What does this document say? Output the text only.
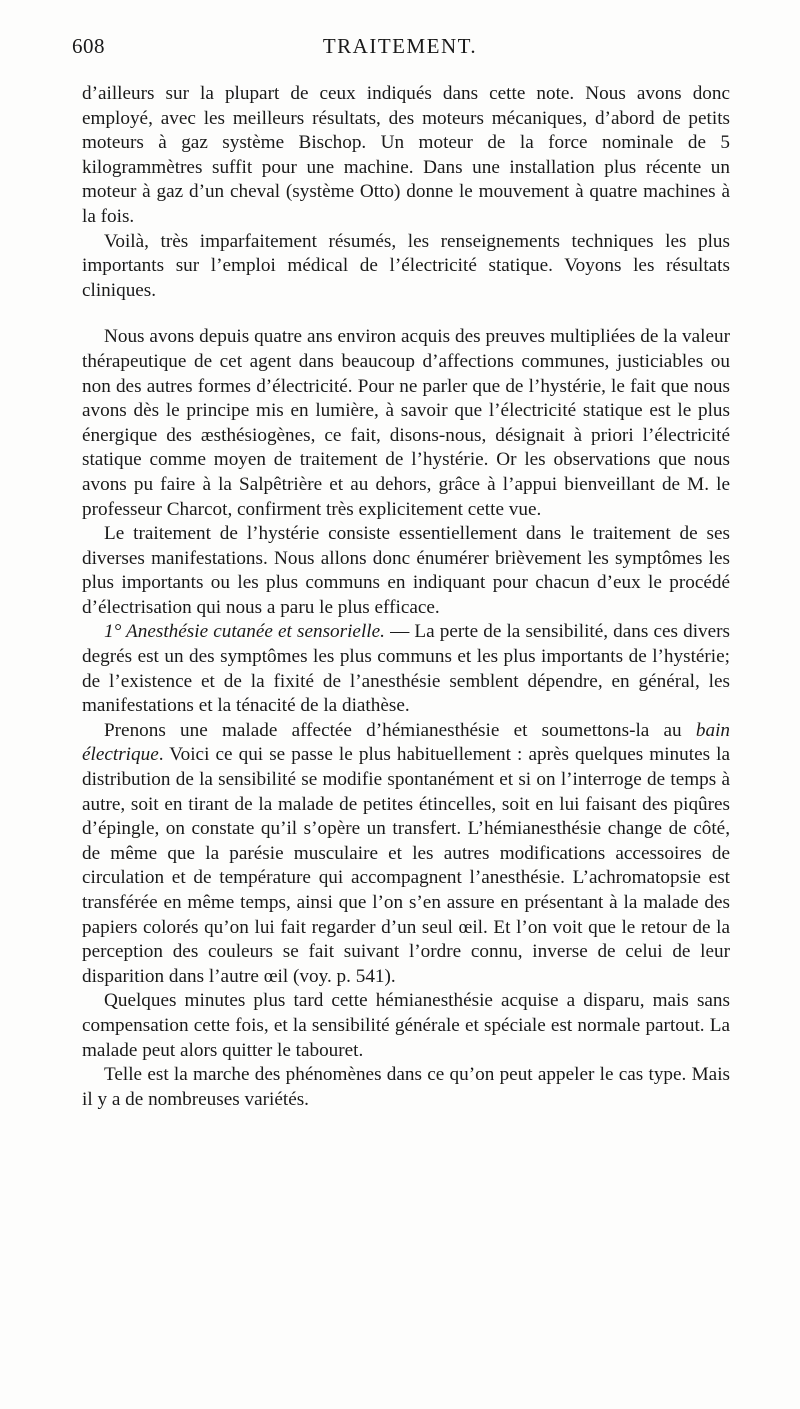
608	TRAITEMENT.

d’ailleurs sur la plupart de ceux indiqués dans cette note. Nous avons donc employé, avec les meilleurs résultats, des moteurs mécaniques, d’abord de petits moteurs à gaz système Bischop. Un moteur de la force nominale de 5 kilogrammètres suffit pour une machine. Dans une installation plus récente un moteur à gaz d’un cheval (système Otto) donne le mouvement à quatre machines à la fois.

Voilà, très imparfaitement résumés, les renseignements techniques les plus importants sur l’emploi médical de l’électricité statique. Voyons les résultats cliniques.

Nous avons depuis quatre ans environ acquis des preuves multipliées de la valeur thérapeutique de cet agent dans beaucoup d’affections communes, justiciables ou non des autres formes d’électricité. Pour ne parler que de l’hystérie, le fait que nous avons dès le principe mis en lumière, à savoir que l’électricité statique est le plus énergique des æsthésiogènes, ce fait, disons-nous, désignait à priori l’électricité statique comme moyen de traitement de l’hystérie. Or les observations que nous avons pu faire à la Salpêtrière et au dehors, grâce à l’appui bienveillant de M. le professeur Charcot, confirment très explicitement cette vue.

Le traitement de l’hystérie consiste essentiellement dans le traitement de ses diverses manifestations. Nous allons donc énumérer brièvement les symptômes les plus importants ou les plus communs en indiquant pour chacun d’eux le procédé d’électrisation qui nous a paru le plus efficace.

1° Anesthésie cutanée et sensorielle. — La perte de la sensibilité, dans ces divers degrés est un des symptômes les plus communs et les plus importants de l’hystérie; de l’existence et de la fixité de l’anesthésie semblent dépendre, en général, les manifestations et la ténacité de la diathèse.

Prenons une malade affectée d’hémianesthésie et soumettons-la au bain électrique. Voici ce qui se passe le plus habituellement : après quelques minutes la distribution de la sensibilité se modifie spontanément et si on l’interroge de temps à autre, soit en tirant de la malade de petites étincelles, soit en lui faisant des piqûres d’épingle, on constate qu’il s’opère un transfert. L’hémianesthésie change de côté, de même que la parésie musculaire et les autres modifications accessoires de circulation et de température qui accompagnent l’anesthésie. L’achromatopsie est transférée en même temps, ainsi que l’on s’en assure en présentant à la malade des papiers colorés qu’on lui fait regarder d’un seul œil. Et l’on voit que le retour de la perception des couleurs se fait suivant l’ordre connu, inverse de celui de leur disparition dans l’autre œil (voy. p. 541).

Quelques minutes plus tard cette hémianesthésie acquise a disparu, mais sans compensation cette fois, et la sensibilité générale et spéciale est normale partout. La malade peut alors quitter le tabouret.

Telle est la marche des phénomènes dans ce qu’on peut appeler le cas type. Mais il y a de nombreuses variétés.
